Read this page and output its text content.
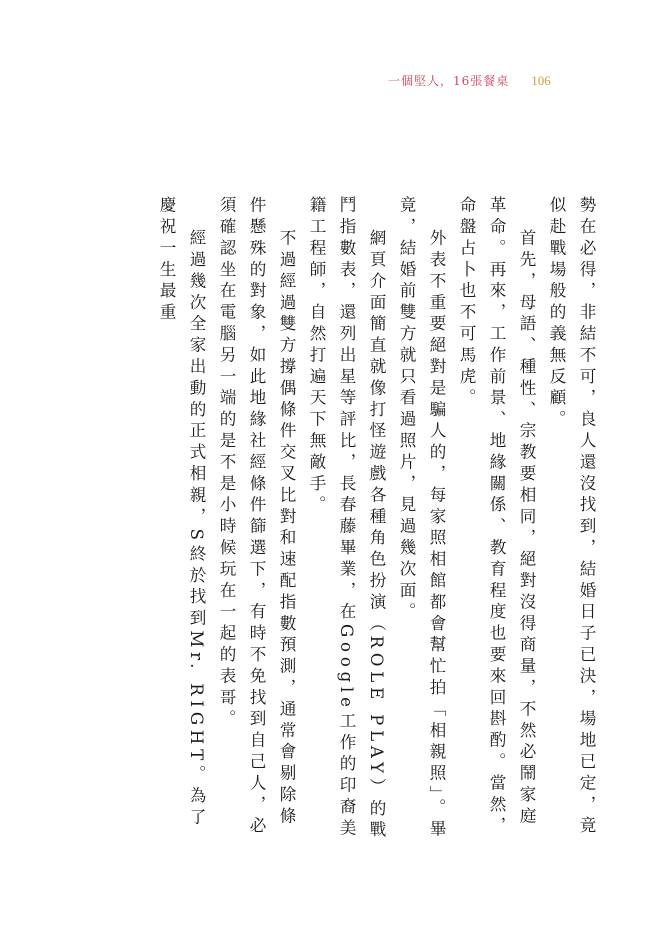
一個堅人，16張餐桌 106

勢在必得，非結不可，良人還沒找到，結婚日子已決，場地已定，竟似赴戰場般的義無反顧。

首先，母語、種性、宗教要相同，絕對沒得商量，不然必鬧家庭革命。再來，工作前景、地緣關係、教育程度也要來回斟酌。當然，命盤占卜也不可馬虎。

外表不重要絕對是騙人的，每家照相館都會幫忙拍「相親照」。畢竟，結婚前雙方就只看過照片，見過幾次面。

網頁介面簡直就像打怪遊戲各種角色扮演（ROLE PLAY）的戰鬥指數表，還列出星等評比，長春藤畢業，在Google工作的印裔美籍工程師，自然打遍天下無敵手。

不過經過雙方撐偶條件交叉比對和速配指數預測，通常會剔除條件懸殊的對象，如此地緣社經條件篩選下，有時不免找到自己人，必須確認坐在電腦另一端的是不是小時候玩在一起的表哥。

經過幾次全家出動的正式相親，S終於找到Mr. RIGHT。為了慶祝一生最重
